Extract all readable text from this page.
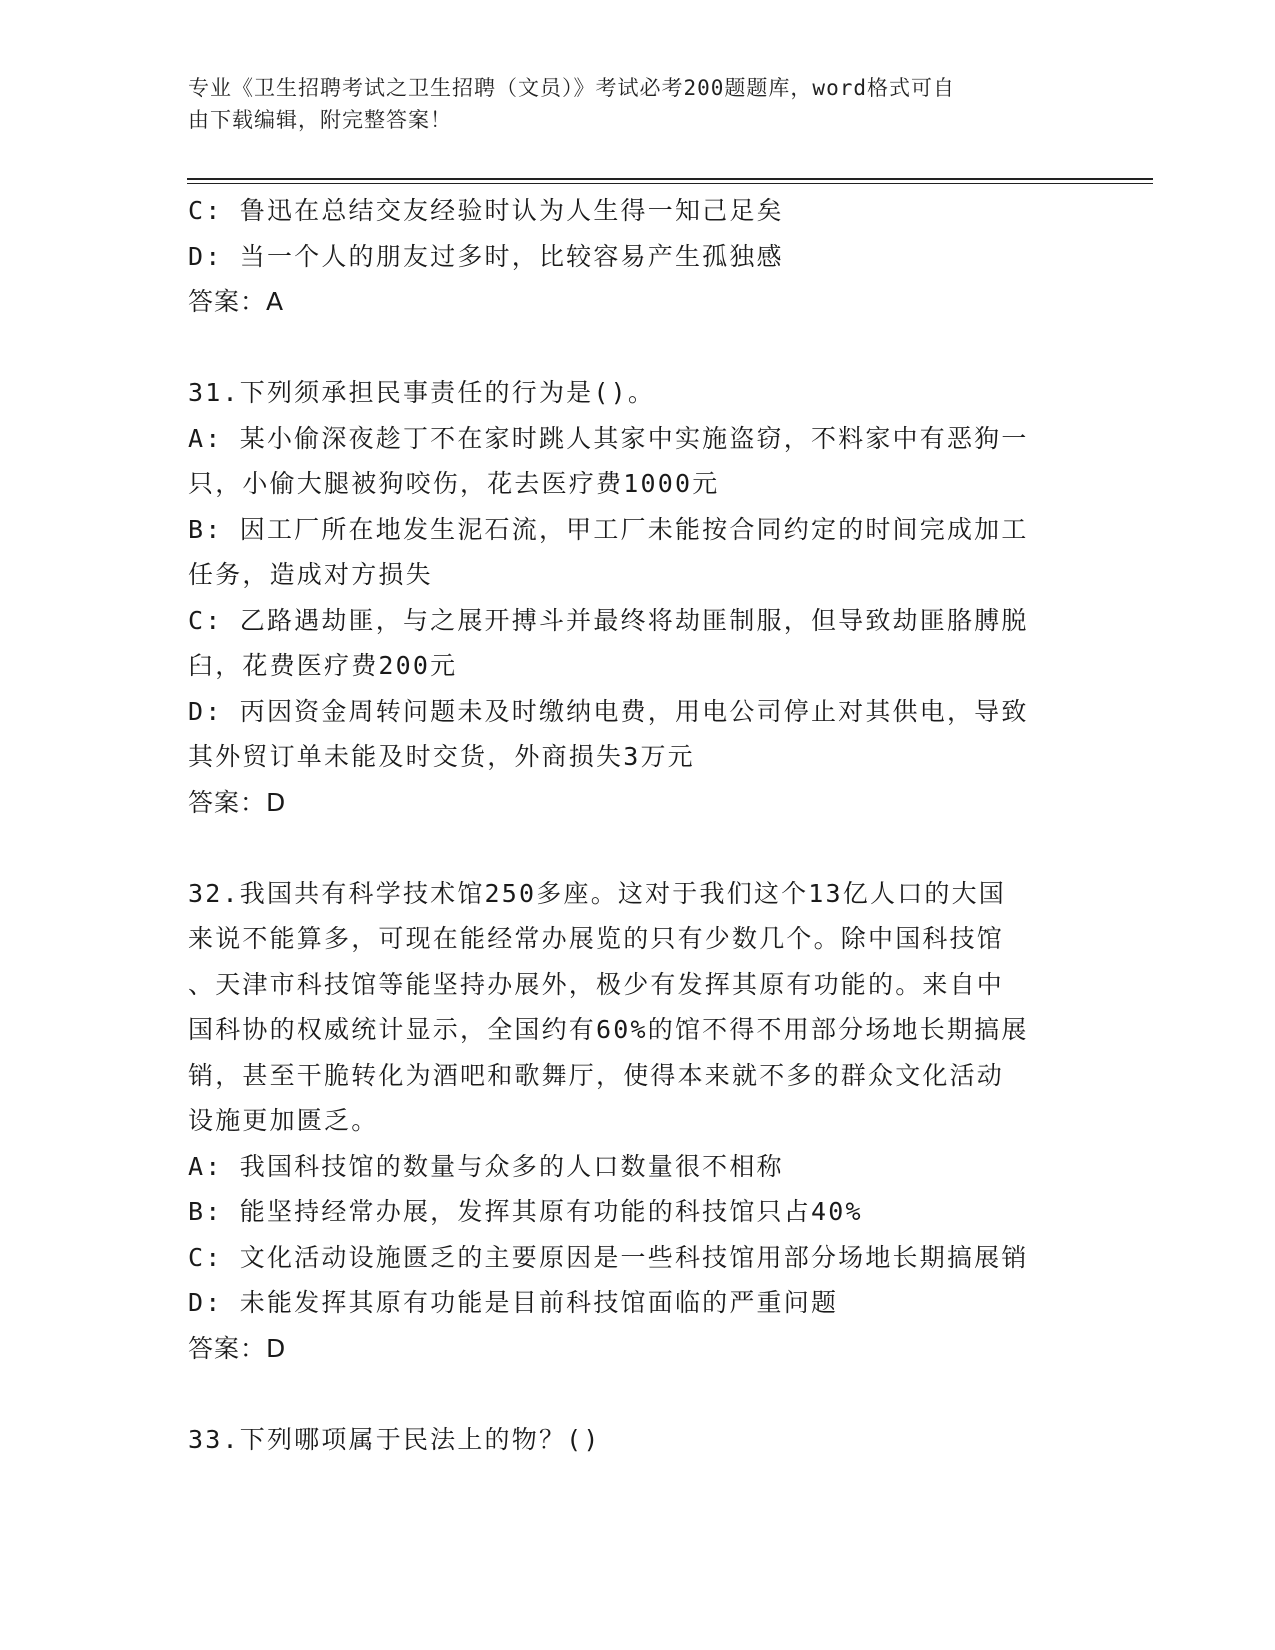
专业《卫生招聘考试之卫生招聘（文员）》考试必考200题题库，word格式可自
由下载编辑，附完整答案！
C: 鲁迅在总结交友经验时认为人生得一知己足矣
D: 当一个人的朋友过多时，比较容易产生孤独感
答案：A
31.下列须承担民事责任的行为是()。
A: 某小偷深夜趁丁不在家时跳人其家中实施盗窃，不料家中有恶狗一
只，小偷大腿被狗咬伤，花去医疗费1000元
B: 因工厂所在地发生泥石流，甲工厂未能按合同约定的时间完成加工
任务，造成对方损失
C: 乙路遇劫匪，与之展开搏斗并最终将劫匪制服，但导致劫匪胳膊脱
臼，花费医疗费200元
D: 丙因资金周转问题未及时缴纳电费，用电公司停止对其供电，导致
其外贸订单未能及时交货，外商损失3万元
答案：D
32.我国共有科学技术馆250多座。这对于我们这个13亿人口的大国
来说不能算多，可现在能经常办展览的只有少数几个。除中国科技馆
、天津市科技馆等能坚持办展外，极少有发挥其原有功能的。来自中
国科协的权威统计显示，全国约有60%的馆不得不用部分场地长期搞展
销，甚至干脆转化为酒吧和歌舞厅，使得本来就不多的群众文化活动
设施更加匮乏。
A: 我国科技馆的数量与众多的人口数量很不相称
B: 能坚持经常办展，发挥其原有功能的科技馆只占40%
C: 文化活动设施匮乏的主要原因是一些科技馆用部分场地长期搞展销
D: 未能发挥其原有功能是目前科技馆面临的严重问题
答案：D
33.下列哪项属于民法上的物？()
